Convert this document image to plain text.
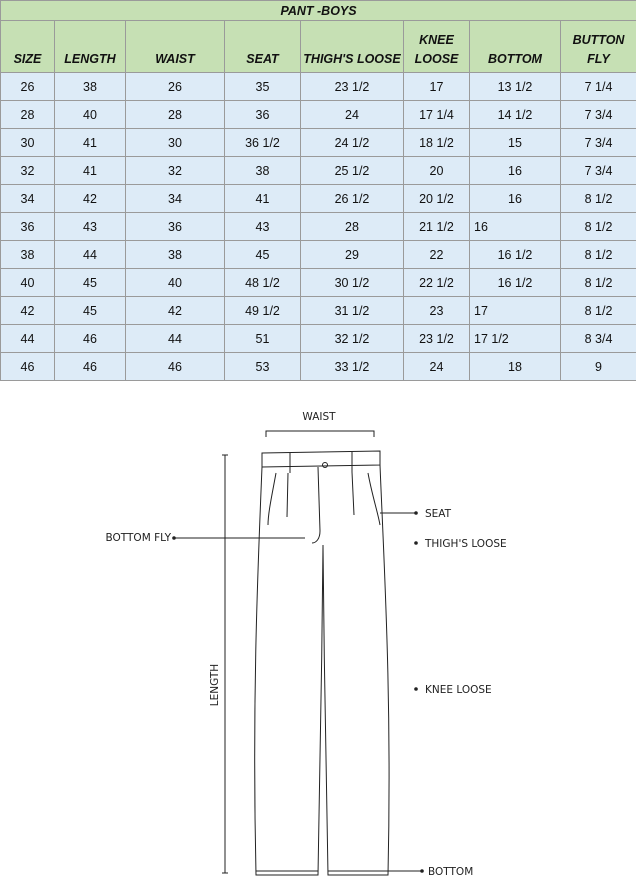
PANT -BOYS							
SIZE	LENGTH	WAIST	SEAT	THIGH'S LOOSE	KNEE LOOSE	BOTTOM	BUTTON FLY
26	38	26	35	23 1/2	17	13 1/2	7 1/4
28	40	28	36	24	17 1/4	14 1/2	7 3/4
30	41	30	36 1/2	24 1/2	18 1/2	15	7 3/4
32	41	32	38	25 1/2	20	16	7 3/4
34	42	34	41	26 1/2	20 1/2	16	8 1/2
36	43	36	43	28	21 1/2	16	8 1/2
38	44	38	45	29	22	16 1/2	8 1/2
40	45	40	48 1/2	30 1/2	22 1/2	16 1/2	8 1/2
42	45	42	49 1/2	31 1/2	23	17	8 1/2
44	46	44	51	32 1/2	23 1/2	17 1/2	8 3/4
46	46	46	53	33 1/2	24	18	9
WAIST
SEAT
THIGH'S LOOSE
BOTTOM FLY
LENGTH	KNEE LOOSE
BOTTOM
